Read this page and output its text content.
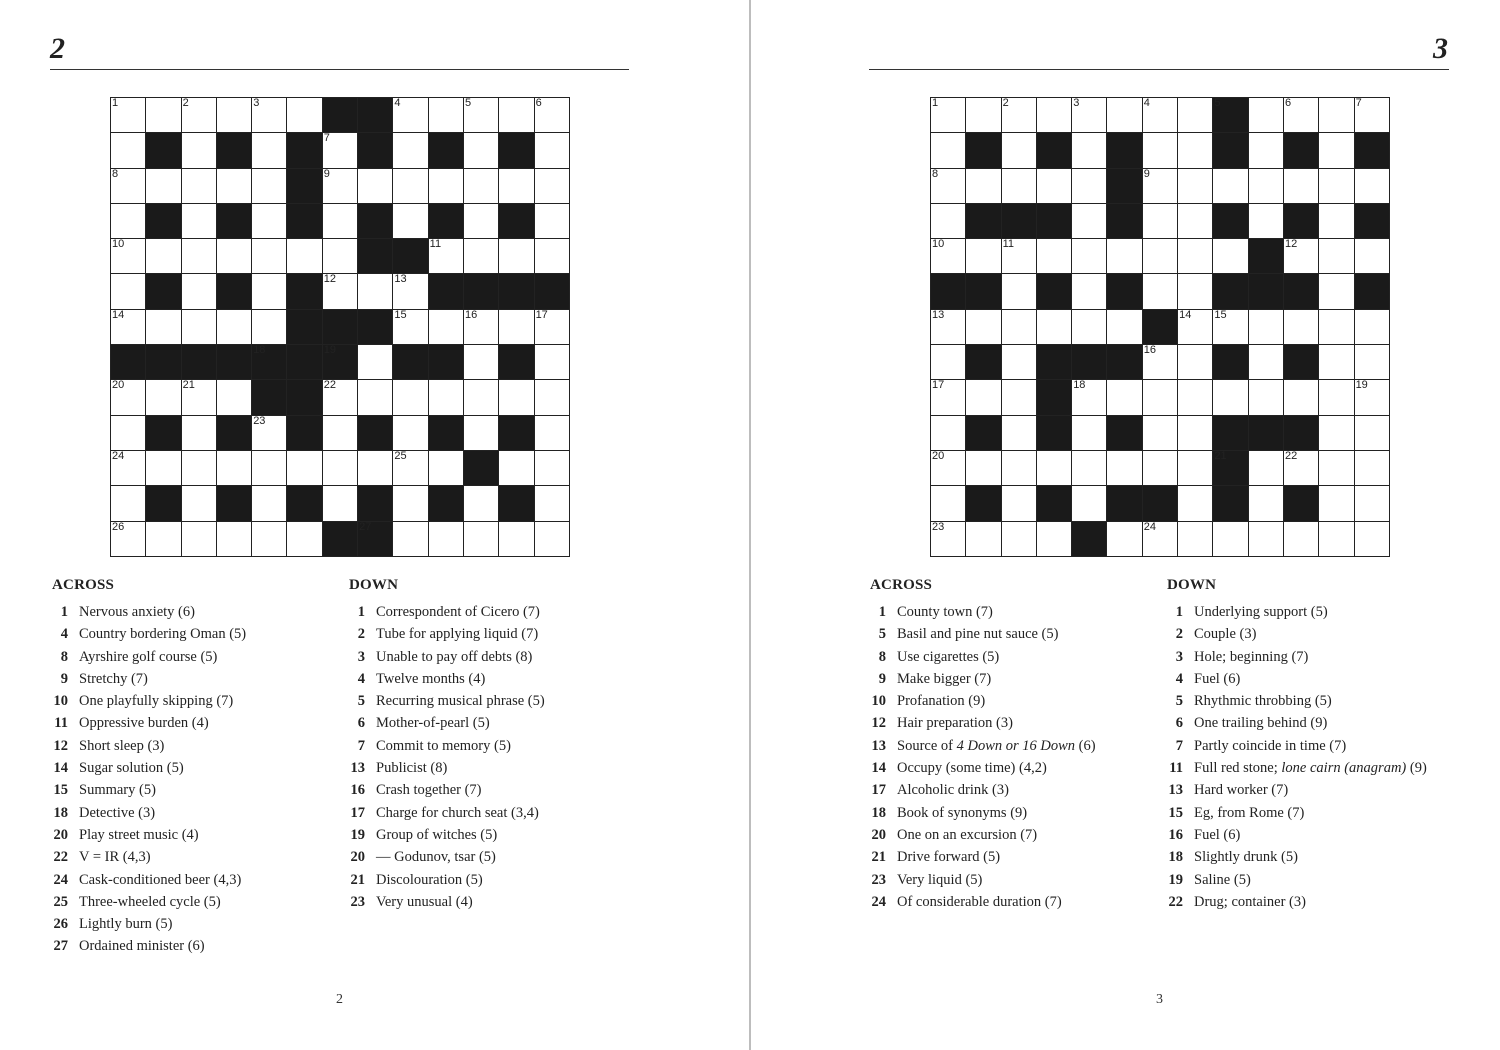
2
1	2	3	4	5	6
7
8	9
10	11
12	13
14	15	16	17
18	19
20	21	22
23
24	25
26	27
ACROSS	DOWN
1 Nervous anxiety (6)
4 Country bordering Oman (5)
8 Ayrshire golf course (5)
9 Stretchy (7)
10 One playfully skipping (7)
11 Oppressive burden (4)
12 Short sleep (3)
14 Sugar solution (5)
15 Summary (5)
18 Detective (3)
20 Play street music (4)
22 V = IR (4,3)
24 Cask-conditioned beer (4,3)
25 Three-wheeled cycle (5)
26 Lightly burn (5)
27 Ordained minister (6)
1 Correspondent of Cicero (7)
2 Tube for applying liquid (7)
3 Unable to pay off debts (8)
4 Twelve months (4)
5 Recurring musical phrase (5)
6 Mother-of-pearl (5)
7 Commit to memory (5)
13 Publicist (8)
16 Crash together (7)
17 Charge for church seat (3,4)
19 Group of witches (5)
20 — Godunov, tsar (5)
21 Discolouration (5)
23 Very unusual (4)
2
3
1	2	3	4	5	6	7
8	9
10	11	12
13	14 15
16
17	18	19
20	21	22
23	24
ACROSS	DOWN
1 County town (7)
5 Basil and pine nut sauce (5)
8 Use cigarettes (5)
9 Make bigger (7)
10 Profanation (9)
12 Hair preparation (3)
13 Source of 4 Down or 16 Down (6)
14 Occupy (some time) (4,2)
17 Alcoholic drink (3)
18 Book of synonyms (9)
20 One on an excursion (7)
21 Drive forward (5)
23 Very liquid (5)
24 Of considerable duration (7)
1 Underlying support (5)
2 Couple (3)
3 Hole; beginning (7)
4 Fuel (6)
5 Rhythmic throbbing (5)
6 One trailing behind (9)
7 Partly coincide in time (7)
11 Full red stone; lone cairn (anagram) (9)
13 Hard worker (7)
15 Eg, from Rome (7)
16 Fuel (6)
18 Slightly drunk (5)
19 Saline (5)
22 Drug; container (3)
3
